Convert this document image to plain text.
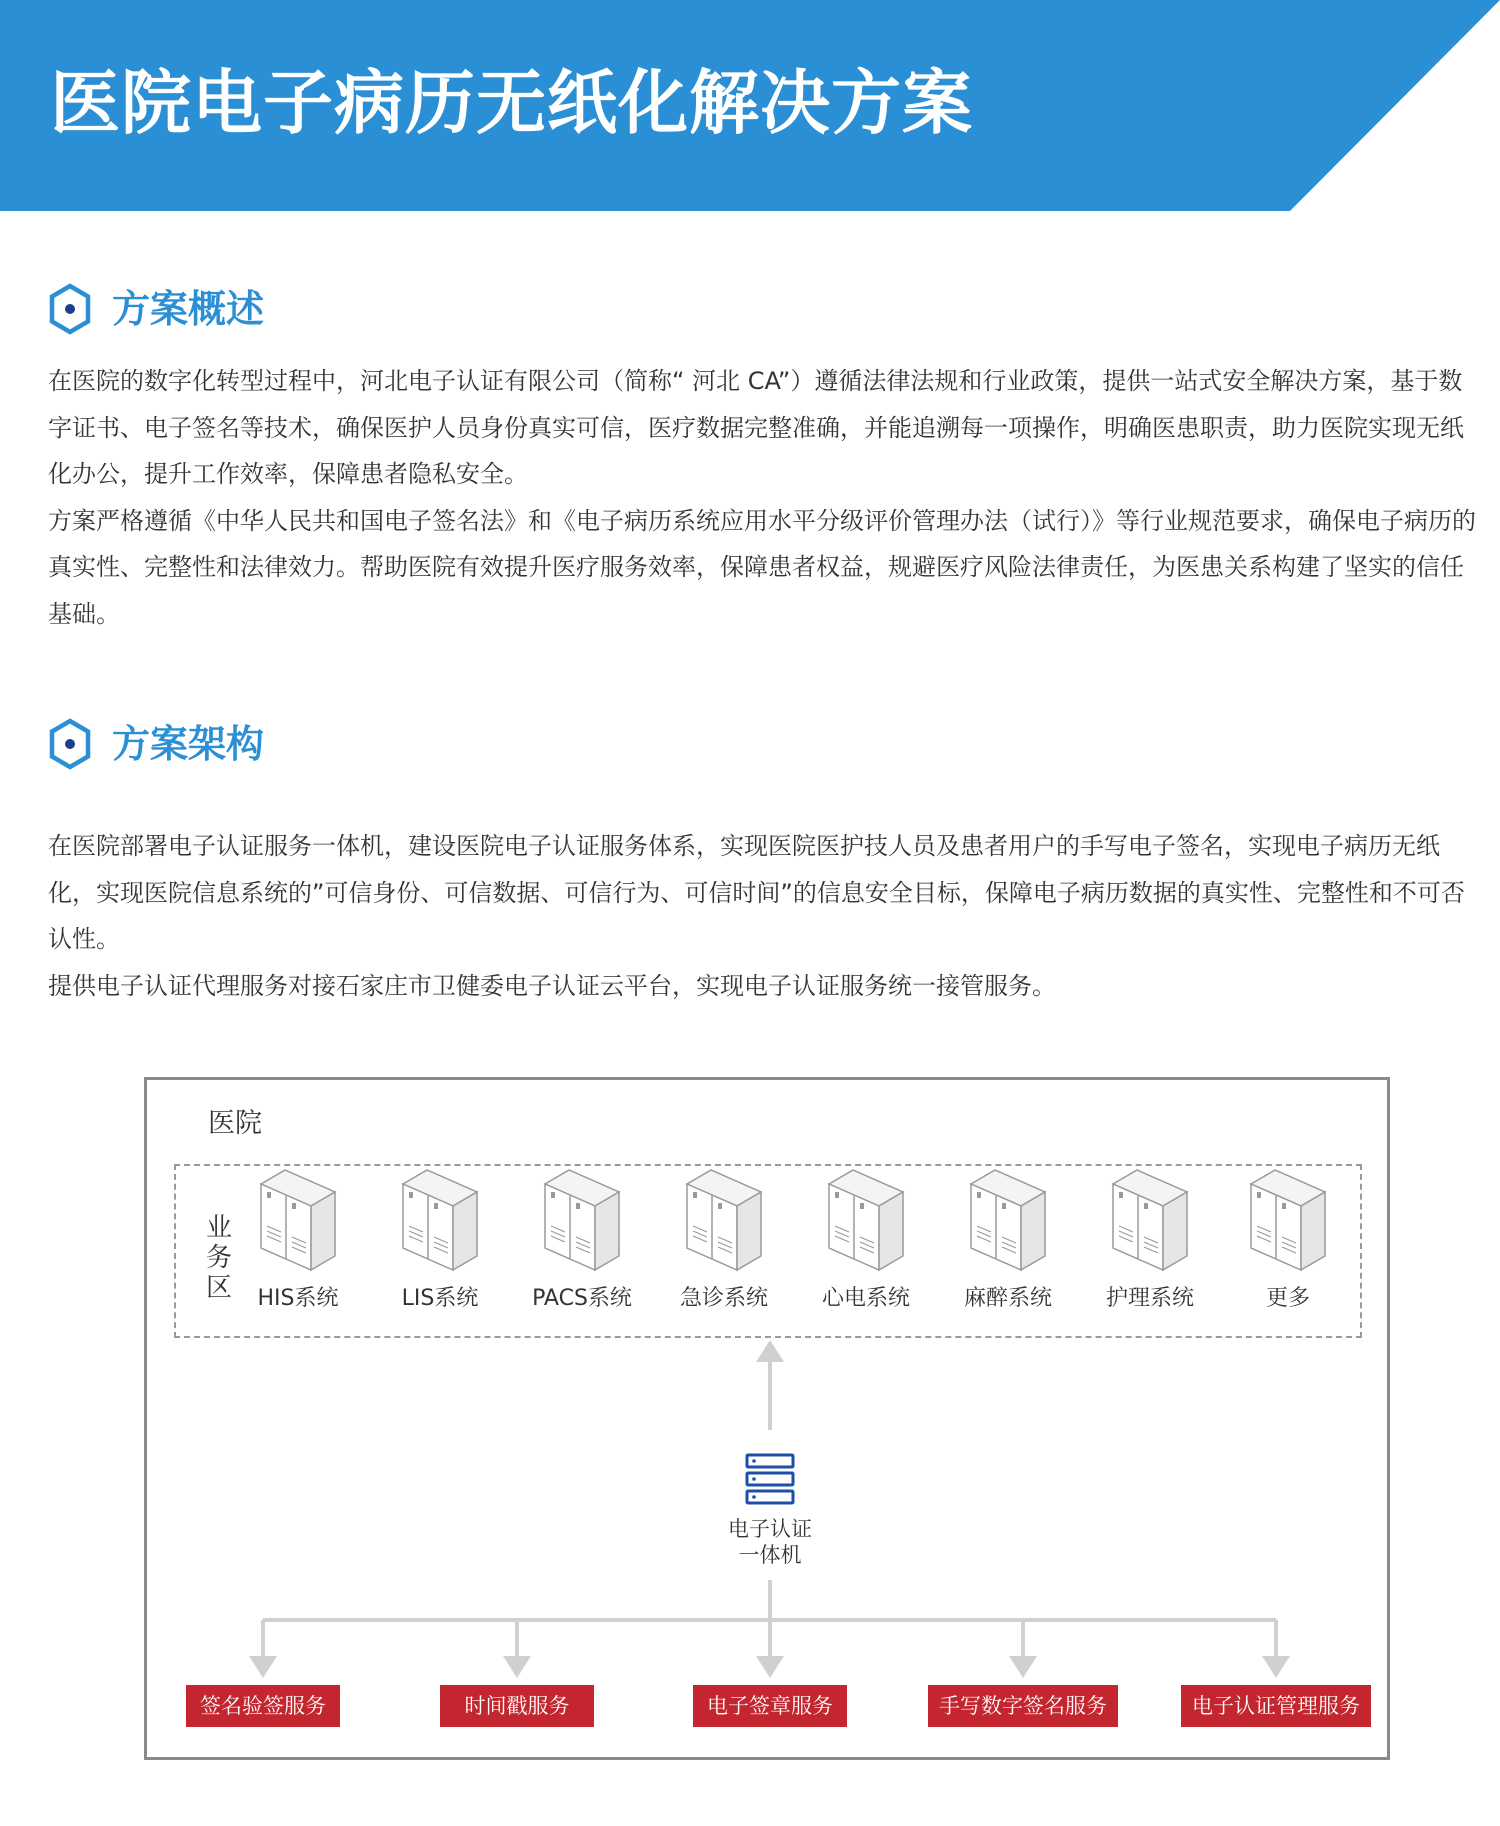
医院电子病历无纸化解决方案
方案概述

在医院的数字化转型过程中，河北电子认证有限公司（简称“ 河北 CA”）遵循法律法规和行业政策，提供一站式安全解决方案，基于数字证书、电子签名等技术，确保医护人员身份真实可信，医疗数据完整准确，并能追溯每一项操作，明确医患职责，助力医院实现无纸化办公，提升工作效率，保障患者隐私安全。

方案严格遵循《中华人民共和国电子签名法》和《电子病历系统应用水平分级评价管理办法（试行）》等行业规范要求，确保电子病历的真实性、完整性和法律效力。帮助医院有效提升医疗服务效率，保障患者权益，规避医疗风险法律责任，为医患关系构建了坚实的信任基础。

方案架构

在医院部署电子认证服务一体机，建设医院电子认证服务体系，实现医院医护技人员及患者用户的手写电子签名，实现电子病历无纸化，实现医院信息系统的”可信身份、可信数据、可信行为、可信时间”的信息安全目标，保障电子病历数据的真实性、完整性和不可否认性。

提供电子认证代理服务对接石家庄市卫健委电子认证云平台，实现电子认证服务统一接管服务。

医院
业务区	HIS系统	LIS系统	PACS系统	急诊系统	心电系统	麻醉系统	护理系统	更多
电子认证
一体机
签名验签服务	时间戳服务	电子签章服务	手写数字签名服务	电子认证管理服务
